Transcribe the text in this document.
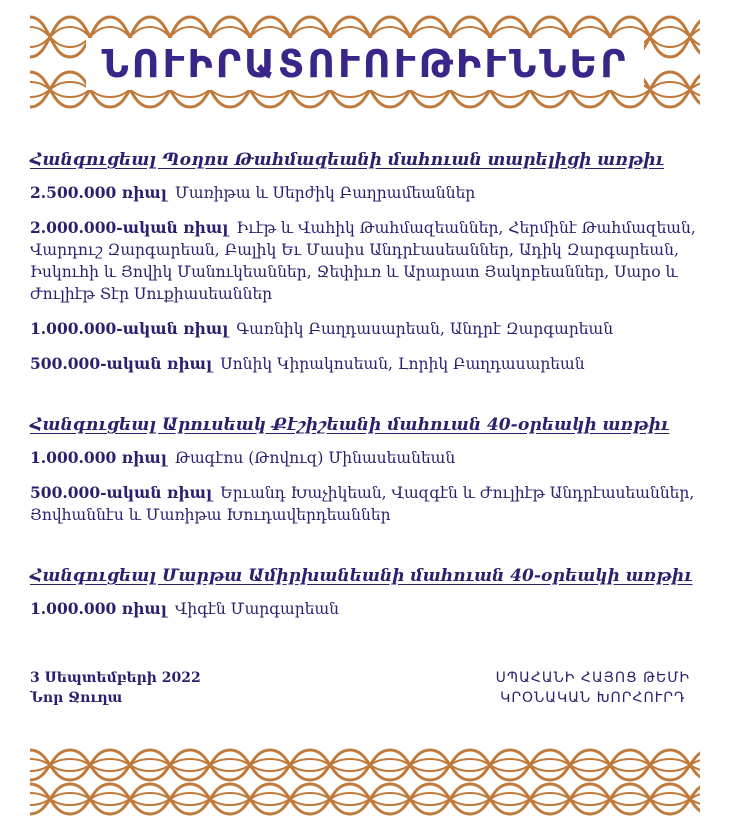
ՆՈՒԻՐԱՏՈՒՈՒԹԻՒՆՆԵՐ
Հանգուցեալ Պօղոս Թահմազեանի մահուան տարելիցի առթիւ
2.500.000 ռիալ Մառիթա և Սերժիկ Բաղրամեաններ
2.000.000-ական ռիալ Իւէթ և Վաhիկ Թահմազեաններ, Հերմինէ Թահմազեան, Վարդուշ Զարգարեան, Բալիկ Եւ Մասիս Անդրէասեաններ, Ադիկ Զարգարեան, Իսկուհի և Յովիկ Մանուկեաններ, Ջեփիւռ և Արարատ Յակոբեաններ, Սարօ և Ժուլիէթ Տէր Սուքիասեաններ
1.000.000-ական ռիալ Գառնիկ Բաղդասարեան, Անդրէ Զարգարեան
500.000-ական ռիալ Սոնիկ Կիրակոսեան, Լորիկ Բաղդասարեան
Հանգուցեալ Արուսեակ Քէշիշեանի մահուան 40-օրեակի առթիւ
1.000.000 ռիալ Թագէոս (Թովուզ) Մինասեանեան
500.000-ական ռիալ Երւանդ Խաչիկեան, Վազգէն և Ժուլիէթ Անդրէասեաններ, Յովհաննէս և Մառիթա Խուդավերդեաններ
Հանգուցեալ Մարթա Ամիրխանեանի մահուան 40-օրեակի առթիւ
1.000.000 ռիալ Վիգէն Մարգարեան
3 Սեպտեմբերի 2022
Նոր Ջուղա
ՍՊԱՀԱՆԻ ՀԱՅՈՑ ԹԵՄԻ
ԿՐՕՆԱԿԱՆ ԽՈՐՀՈՒՐԴ
